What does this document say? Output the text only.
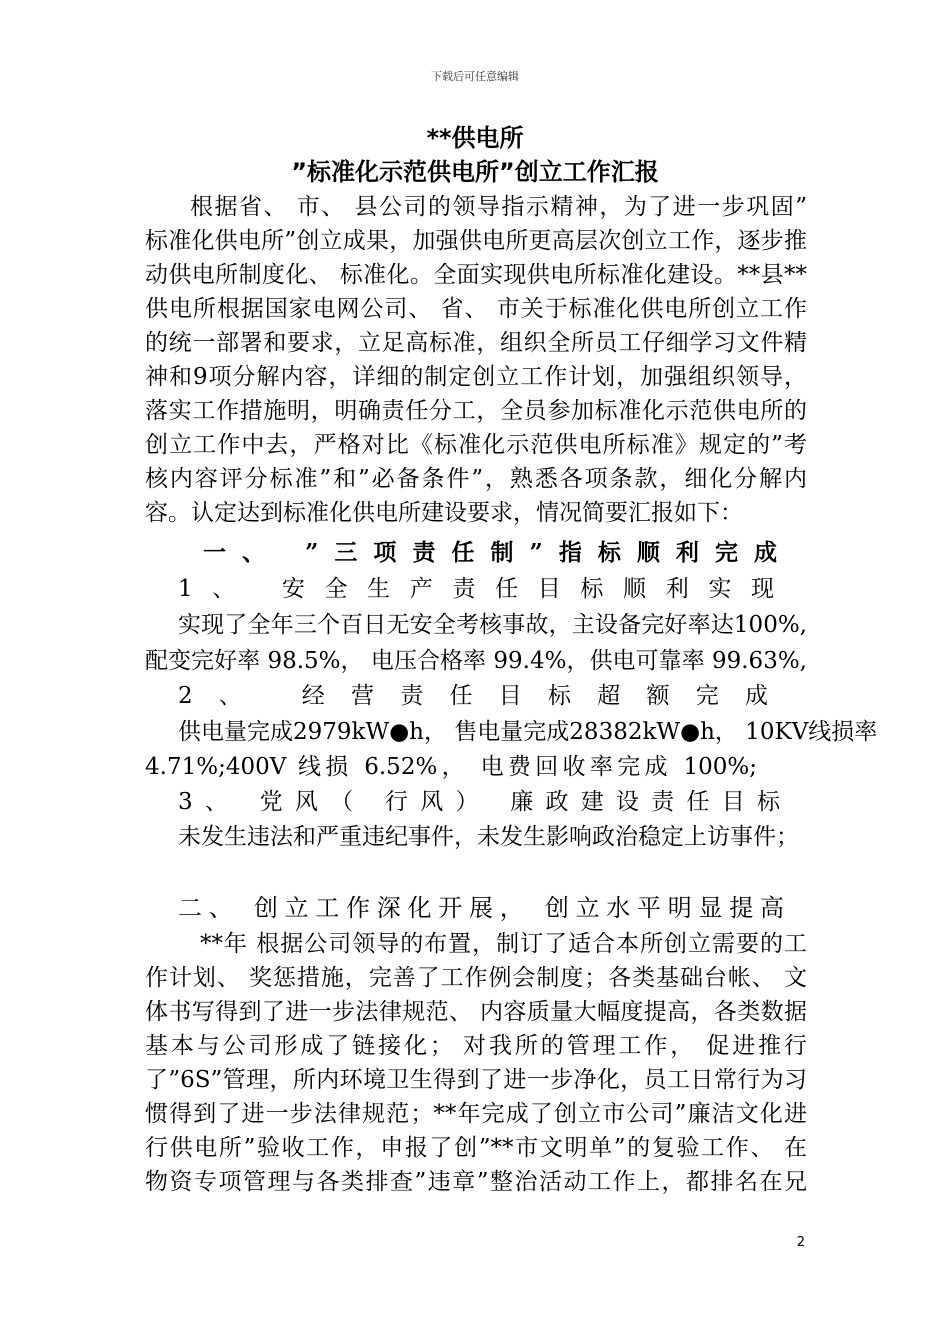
下载后可任意编辑
**供电所
”标准化示范供电所”创立工作汇报
根据省、 市、 县公司的领导指示精神，为了进一步巩固”
标准化供电所”创立成果，加强供电所更高层次创立工作，逐步推
动供电所制度化、 标准化。全面实现供电所标准化建设。**县**
供电所根据国家电网公司、 省、 市关于标准化供电所创立工作
的统一部署和要求，立足高标准，组织全所员工仔细学习文件精
神和9项分解内容，详细的制定创立工作计划，加强组织领导，
落实工作措施明，明确责任分工，全员参加标准化示范供电所的
创立工作中去，严格对比《标准化示范供电所标准》规定的”考
核内容评分标准”和”必备条件”，熟悉各项条款，细化分解内
容。认定达到标准化供电所建设要求，情况简要汇报如下：
一、 ”三项责任制”指标顺利完成
1、 安全生产责任目标顺利实现
实现了全年三个百日无安全考核事故，主设备完好率达100%,
配变完好率 98.5%， 电压合格率 99.4%，供电可靠率 99.63%,
2、 经营责任目标超额完成
供电量完成2979kW●h， 售电量完成28382kW●h， 10KV线损率
4.71%;400V 线损 6.52%， 电费回收率完成 100%;
3、 党风（ 行风） 廉政建设责任目标
未发生违法和严重违纪事件，未发生影响政治稳定上访事件；
二、 创立工作深化开展， 创立水平明显提高
**年 根据公司领导的布置，制订了适合本所创立需要的工
作计划、 奖惩措施，完善了工作例会制度；各类基础台帐、 文
体书写得到了进一步法律规范、 内容质量大幅度提高，各类数据
基本与公司形成了链接化； 对我所的管理工作， 促进推行
了”6S”管理，所内环境卫生得到了进一步净化，员工日常行为习
惯得到了进一步法律规范；**年完成了创立市公司”廉洁文化进
行供电所”验收工作，申报了创”**市文明单”的复验工作、 在
物资专项管理与各类排查”违章”整治活动工作上，都排名在兄
2
